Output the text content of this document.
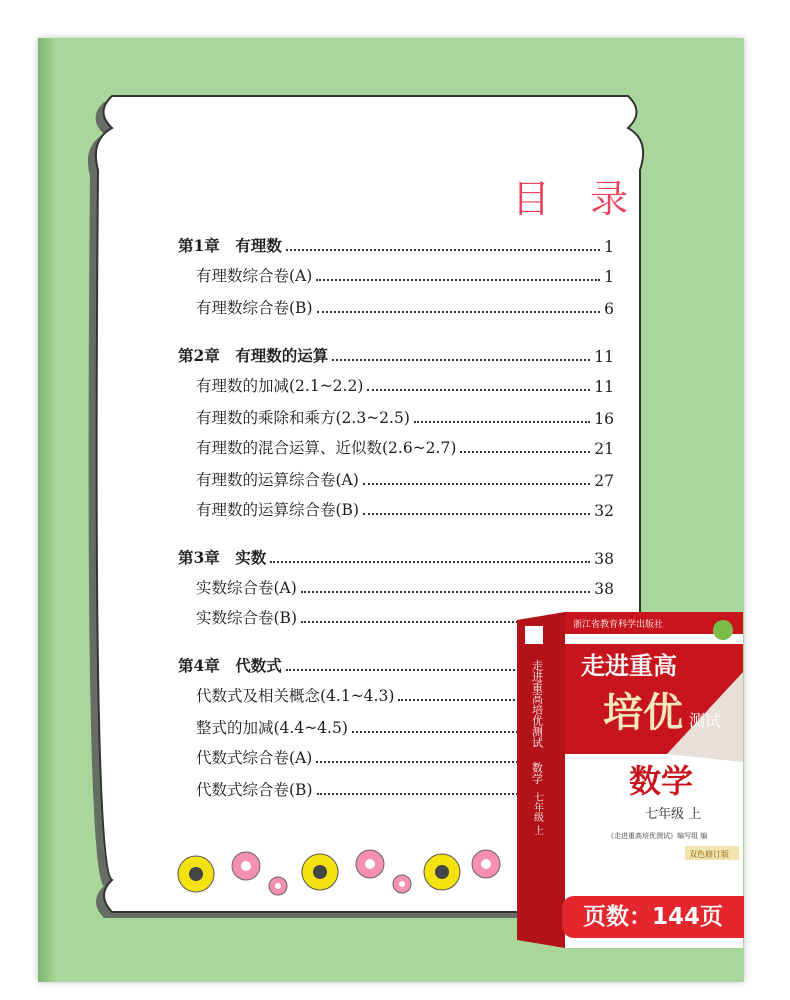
目 录
第1章　有理数	1
有理数综合卷(A)	1
有理数综合卷(B)	6
第2章　有理数的运算	11
有理数的加减(2.1~2.2)	11
有理数的乘除和乘方(2.3~2.5)	16
有理数的混合运算、近似数(2.6~2.7)	21
有理数的运算综合卷(A)	27
有理数的运算综合卷(B)	32
第3章　实数	38
实数综合卷(A)	38
实数综合卷(B)
第4章　代数式
代数式及相关概念(4.1~4.3)
整式的加减(4.4~4.5)
代数式综合卷(A)
代数式综合卷(B)
浙江省教育科学出版社
走进重高
培优 测试
数学
七年级 上
《走进重高培优测试》编写组 编
双色修订版
走进重高培优测试
数学
七年级 上
页数：144页
